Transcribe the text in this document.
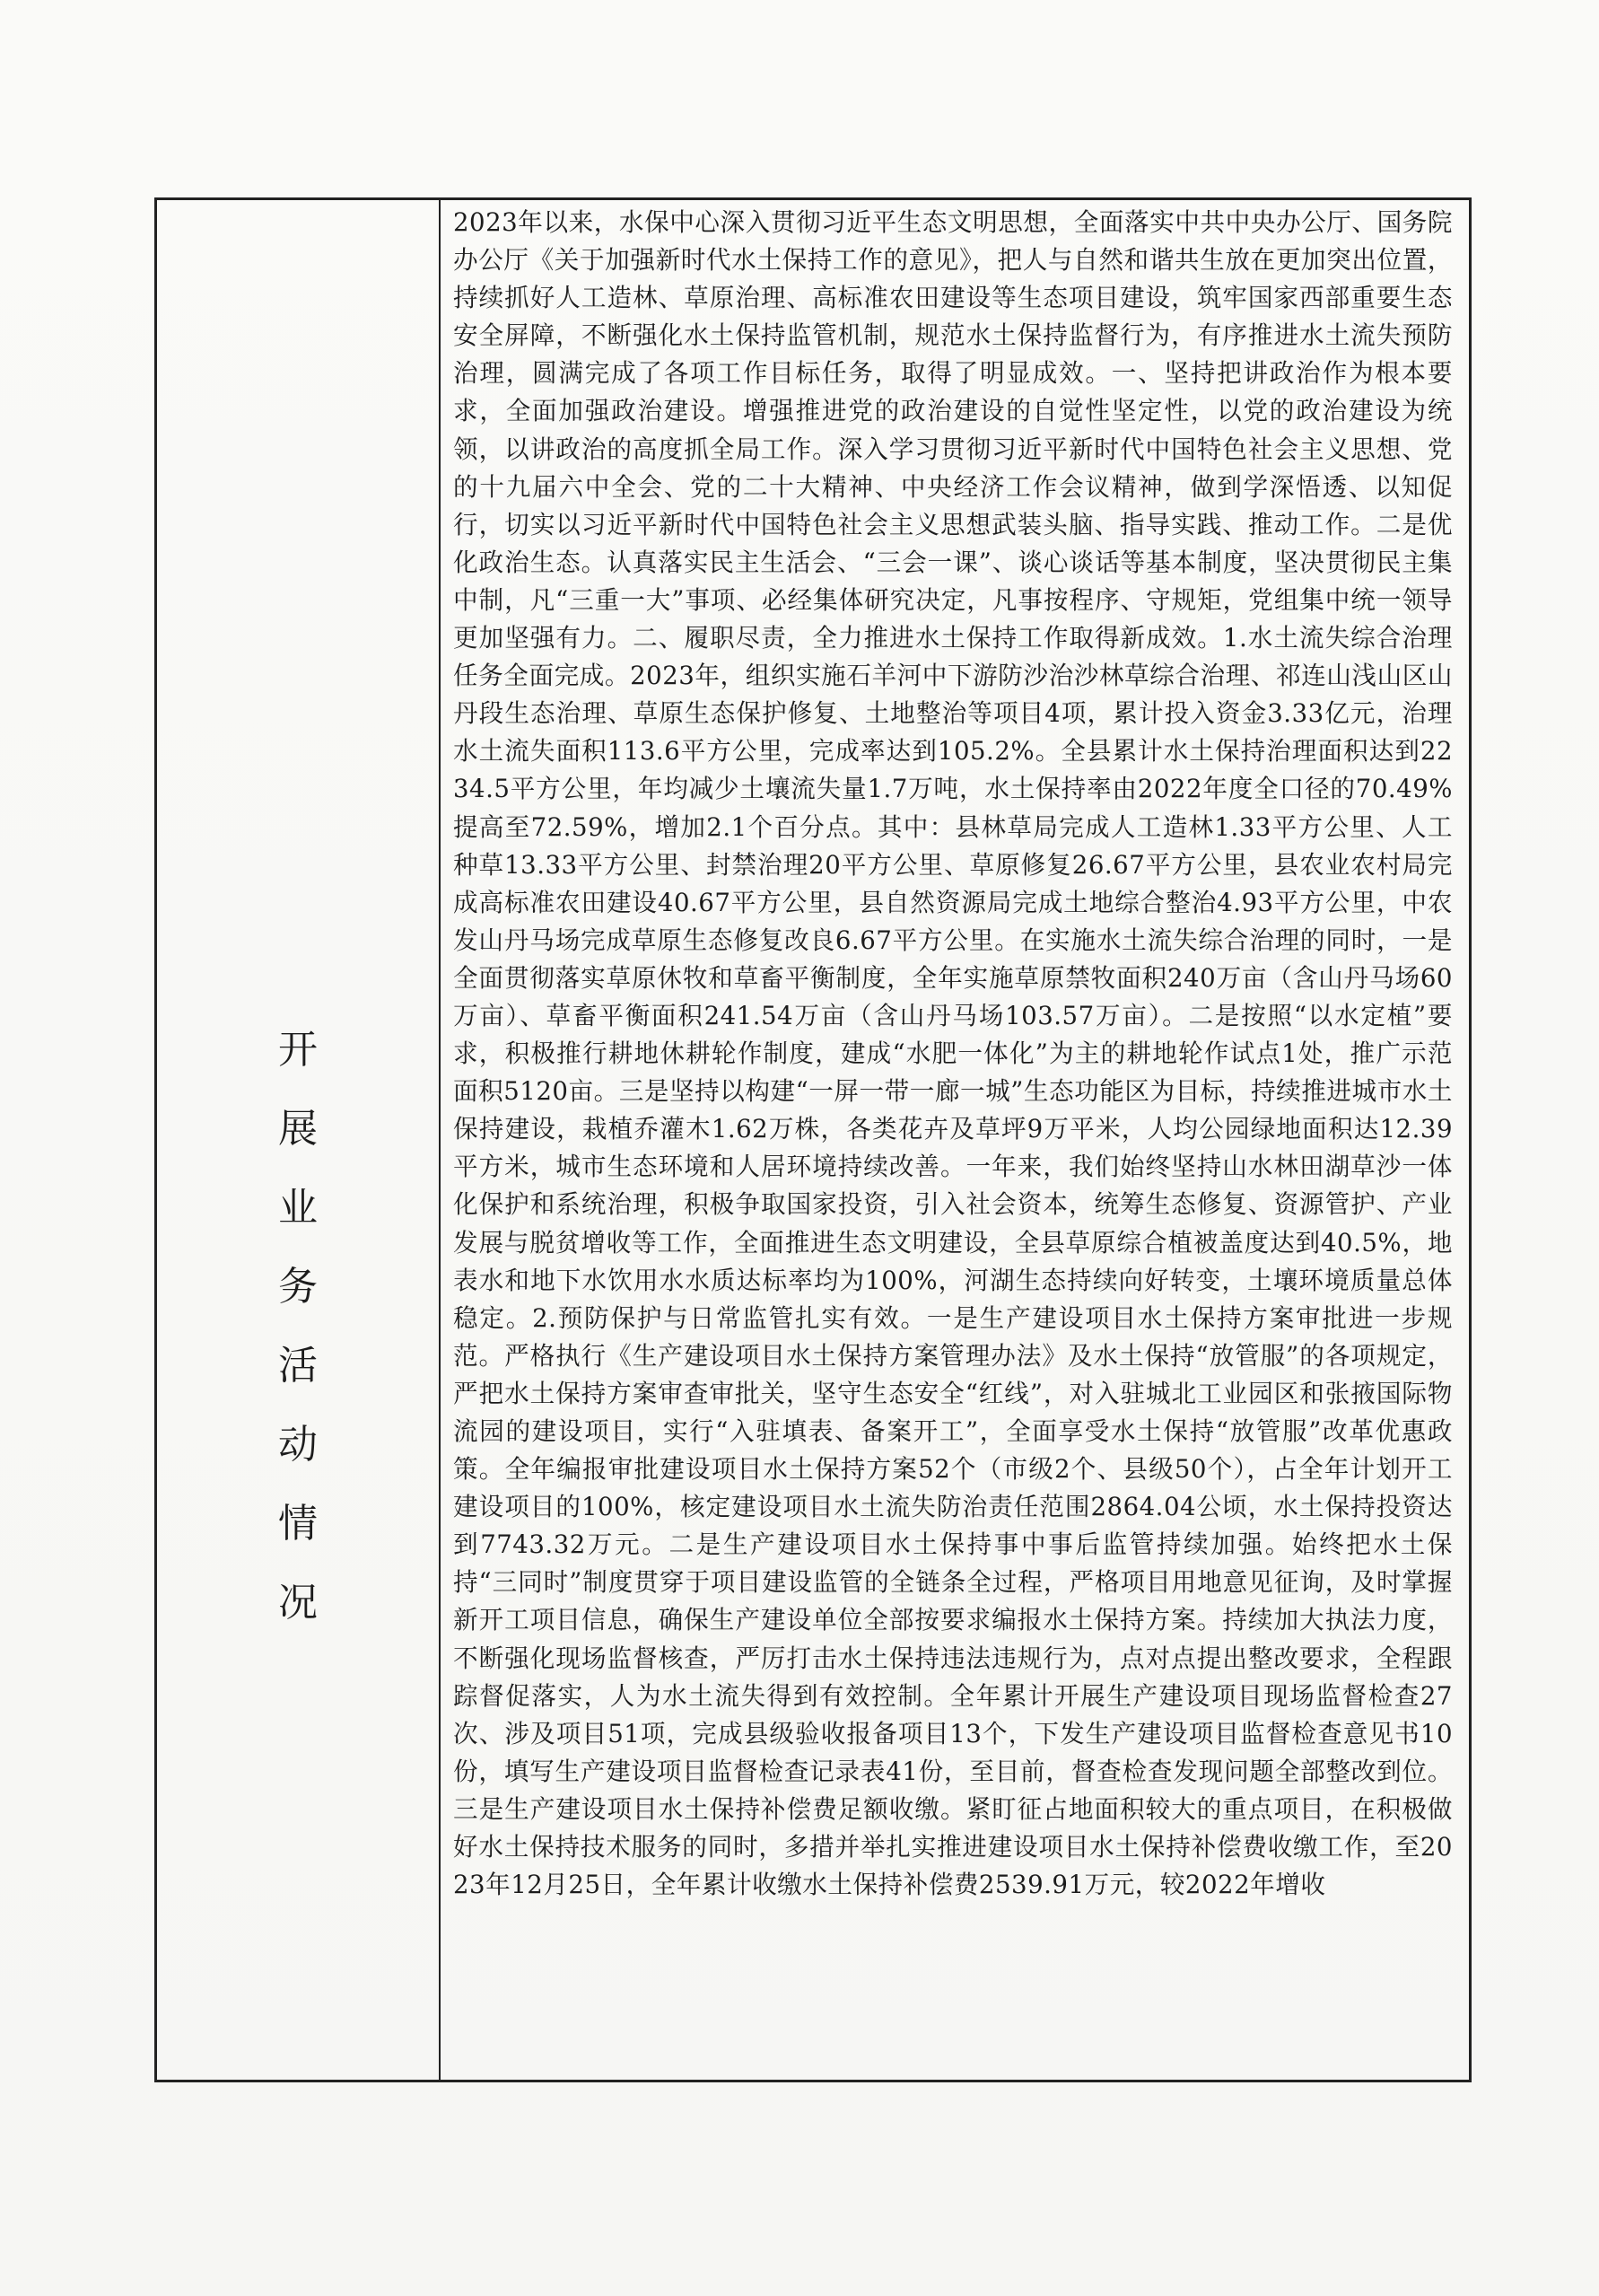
开
展
业
务
活
动
情
况

2023年以来，水保中心深入贯彻习近平生态文明思想，全面落实中共中央办公厅、国务院办公厅《关于加强新时代水土保持工作的意见》，把人与自然和谐共生放在更加突出位置，持续抓好人工造林、草原治理、高标准农田建设等生态项目建设，筑牢国家西部重要生态安全屏障，不断强化水土保持监管机制，规范水土保持监督行为，有序推进水土流失预防治理，圆满完成了各项工作目标任务，取得了明显成效。一、坚持把讲政治作为根本要求，全面加强政治建设。增强推进党的政治建设的自觉性坚定性，以党的政治建设为统领，以讲政治的高度抓全局工作。深入学习贯彻习近平新时代中国特色社会主义思想、党的十九届六中全会、党的二十大精神、中央经济工作会议精神，做到学深悟透、以知促行，切实以习近平新时代中国特色社会主义思想武装头脑、指导实践、推动工作。二是优化政治生态。认真落实民主生活会、“三会一课”、谈心谈话等基本制度，坚决贯彻民主集中制，凡“三重一大”事项、必经集体研究决定，凡事按程序、守规矩，党组集中统一领导更加坚强有力。二、履职尽责，全力推进水土保持工作取得新成效。1.水土流失综合治理任务全面完成。2023年，组织实施石羊河中下游防沙治沙林草综合治理、祁连山浅山区山丹段生态治理、草原生态保护修复、土地整治等项目4项，累计投入资金3.33亿元，治理水土流失面积113.6平方公里，完成率达到105.2%。全县累计水土保持治理面积达到2234.5平方公里，年均减少土壤流失量1.7万吨，水土保持率由2022年度全口径的70.49%提高至72.59%，增加2.1个百分点。其中：县林草局完成人工造林1.33平方公里、人工种草13.33平方公里、封禁治理20平方公里、草原修复26.67平方公里，县农业农村局完成高标准农田建设40.67平方公里，县自然资源局完成土地综合整治4.93平方公里，中农发山丹马场完成草原生态修复改良6.67平方公里。在实施水土流失综合治理的同时，一是全面贯彻落实草原休牧和草畜平衡制度，全年实施草原禁牧面积240万亩（含山丹马场60万亩）、草畜平衡面积241.54万亩（含山丹马场103.57万亩）。二是按照“以水定植”要求，积极推行耕地休耕轮作制度，建成“水肥一体化”为主的耕地轮作试点1处，推广示范面积5120亩。三是坚持以构建“一屏一带一廊一城”生态功能区为目标，持续推进城市水土保持建设，栽植乔灌木1.62万株，各类花卉及草坪9万平米，人均公园绿地面积达12.39平方米，城市生态环境和人居环境持续改善。一年来，我们始终坚持山水林田湖草沙一体化保护和系统治理，积极争取国家投资，引入社会资本，统筹生态修复、资源管护、产业发展与脱贫增收等工作，全面推进生态文明建设，全县草原综合植被盖度达到40.5%，地表水和地下水饮用水水质达标率均为100%，河湖生态持续向好转变，土壤环境质量总体稳定。2.预防保护与日常监管扎实有效。一是生产建设项目水土保持方案审批进一步规范。严格执行《生产建设项目水土保持方案管理办法》及水土保持“放管服”的各项规定，严把水土保持方案审查审批关，坚守生态安全“红线”，对入驻城北工业园区和张掖国际物流园的建设项目，实行“入驻填表、备案开工”，全面享受水土保持“放管服”改革优惠政策。全年编报审批建设项目水土保持方案52个（市级2个、县级50个），占全年计划开工建设项目的100%，核定建设项目水土流失防治责任范围2864.04公顷，水土保持投资达到7743.32万元。二是生产建设项目水土保持事中事后监管持续加强。始终把水土保持“三同时”制度贯穿于项目建设监管的全链条全过程，严格项目用地意见征询，及时掌握新开工项目信息，确保生产建设单位全部按要求编报水土保持方案。持续加大执法力度，不断强化现场监督核查，严厉打击水土保持违法违规行为，点对点提出整改要求，全程跟踪督促落实，人为水土流失得到有效控制。全年累计开展生产建设项目现场监督检查27次、涉及项目51项，完成县级验收报备项目13个，下发生产建设项目监督检查意见书10份，填写生产建设项目监督检查记录表41份，至目前，督查检查发现问题全部整改到位。三是生产建设项目水土保持补偿费足额收缴。紧盯征占地面积较大的重点项目，在积极做好水土保持技术服务的同时，多措并举扎实推进建设项目水土保持补偿费收缴工作，至2023年12月25日，全年累计收缴水土保持补偿费2539.91万元，较2022年增收
